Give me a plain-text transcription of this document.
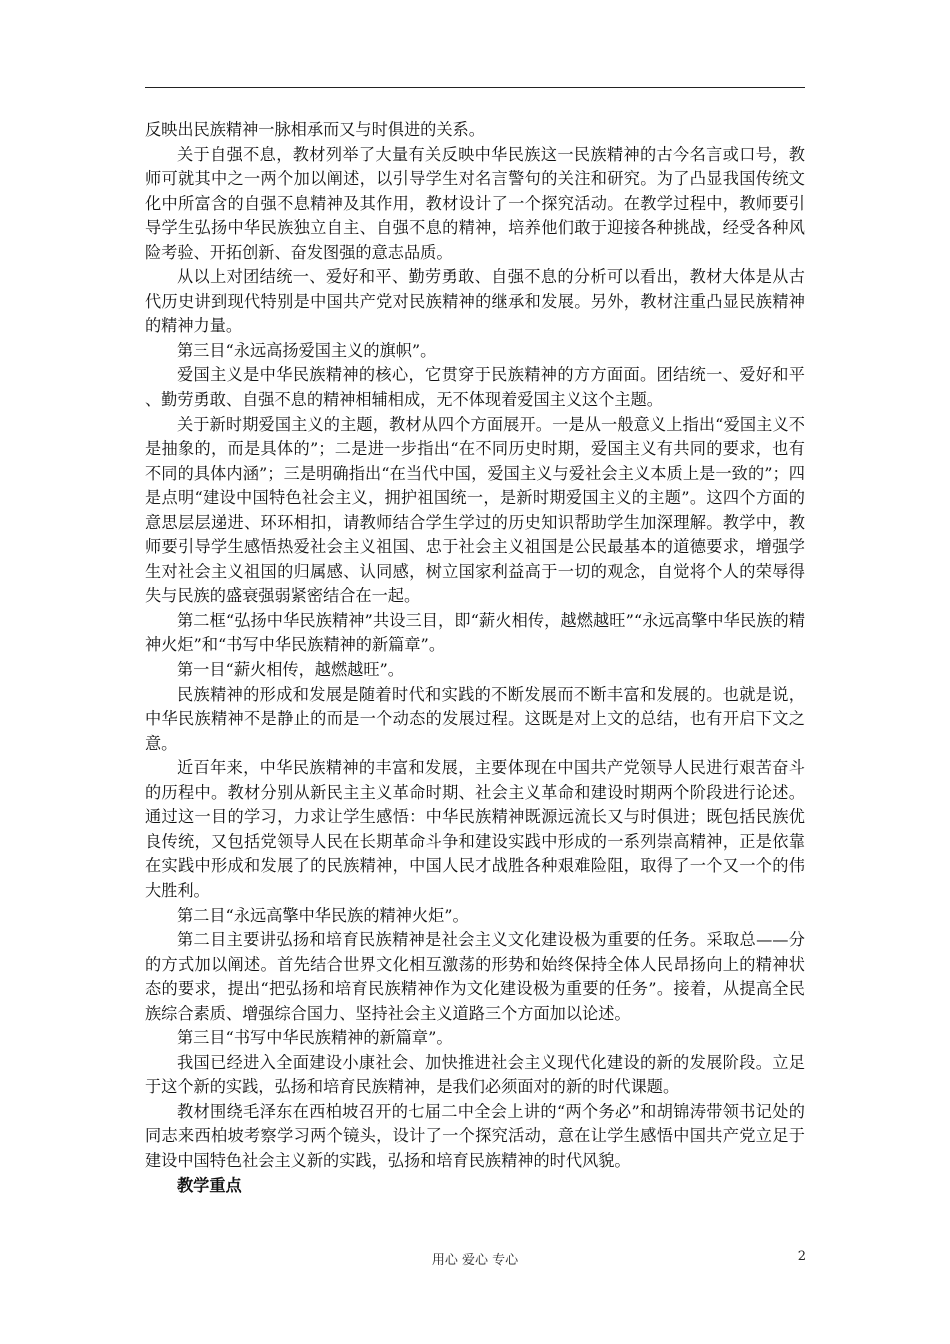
反映出民族精神一脉相承而又与时俱进的关系。

关于自强不息，教材列举了大量有关反映中华民族这一民族精神的古今名言或口号，教师可就其中之一两个加以阐述，以引导学生对名言警句的关注和研究。为了凸显我国传统文化中所富含的自强不息精神及其作用，教材设计了一个探究活动。在教学过程中，教师要引导学生弘扬中华民族独立自主、自强不息的精神，培养他们敢于迎接各种挑战，经受各种风险考验、开拓创新、奋发图强的意志品质。

从以上对团结统一、爱好和平、勤劳勇敢、自强不息的分析可以看出，教材大体是从古代历史讲到现代特别是中国共产党对民族精神的继承和发展。另外，教材注重凸显民族精神的精神力量。

第三目“永远高扬爱国主义的旗帜”。

爱国主义是中华民族精神的核心，它贯穿于民族精神的方方面面。团结统一、爱好和平、勤劳勇敢、自强不息的精神相辅相成，无不体现着爱国主义这个主题。

关于新时期爱国主义的主题，教材从四个方面展开。一是从一般意义上指出“爱国主义不是抽象的，而是具体的”；二是进一步指出“在不同历史时期，爱国主义有共同的要求，也有不同的具体内涵”；三是明确指出“在当代中国，爱国主义与爱社会主义本质上是一致的”；四是点明“建设中国特色社会主义，拥护祖国统一，是新时期爱国主义的主题”。这四个方面的意思层层递进、环环相扣，请教师结合学生学过的历史知识帮助学生加深理解。教学中，教师要引导学生感悟热爱社会主义祖国、忠于社会主义祖国是公民最基本的道德要求，增强学生对社会主义祖国的归属感、认同感，树立国家利益高于一切的观念，自觉将个人的荣辱得失与民族的盛衰强弱紧密结合在一起。

第二框“弘扬中华民族精神”共设三目，即“薪火相传，越燃越旺”“永远高擎中华民族的精神火炬”和“书写中华民族精神的新篇章”。

第一目“薪火相传，越燃越旺”。

民族精神的形成和发展是随着时代和实践的不断发展而不断丰富和发展的。也就是说，中华民族精神不是静止的而是一个动态的发展过程。这既是对上文的总结，也有开启下文之意。

近百年来，中华民族精神的丰富和发展，主要体现在中国共产党领导人民进行艰苦奋斗的历程中。教材分别从新民主主义革命时期、社会主义革命和建设时期两个阶段进行论述。通过这一目的学习，力求让学生感悟：中华民族精神既源远流长又与时俱进；既包括民族优良传统，又包括党领导人民在长期革命斗争和建设实践中形成的一系列崇高精神，正是依靠在实践中形成和发展了的民族精神，中国人民才战胜各种艰难险阻，取得了一个又一个的伟大胜利。

第二目“永远高擎中华民族的精神火炬”。

第二目主要讲弘扬和培育民族精神是社会主义文化建设极为重要的任务。采取总——分的方式加以阐述。首先结合世界文化相互激荡的形势和始终保持全体人民昂扬向上的精神状态的要求，提出“把弘扬和培育民族精神作为文化建设极为重要的任务”。接着，从提高全民族综合素质、增强综合国力、坚持社会主义道路三个方面加以论述。

第三目“书写中华民族精神的新篇章”。

我国已经进入全面建设小康社会、加快推进社会主义现代化建设的新的发展阶段。立足于这个新的实践，弘扬和培育民族精神，是我们必须面对的新的时代课题。

教材围绕毛泽东在西柏坡召开的七届二中全会上讲的“两个务必”和胡锦涛带领书记处的同志来西柏坡考察学习两个镜头，设计了一个探究活动，意在让学生感悟中国共产党立足于建设中国特色社会主义新的实践，弘扬和培育民族精神的时代风貌。

教学重点

用心 爱心 专心	2
